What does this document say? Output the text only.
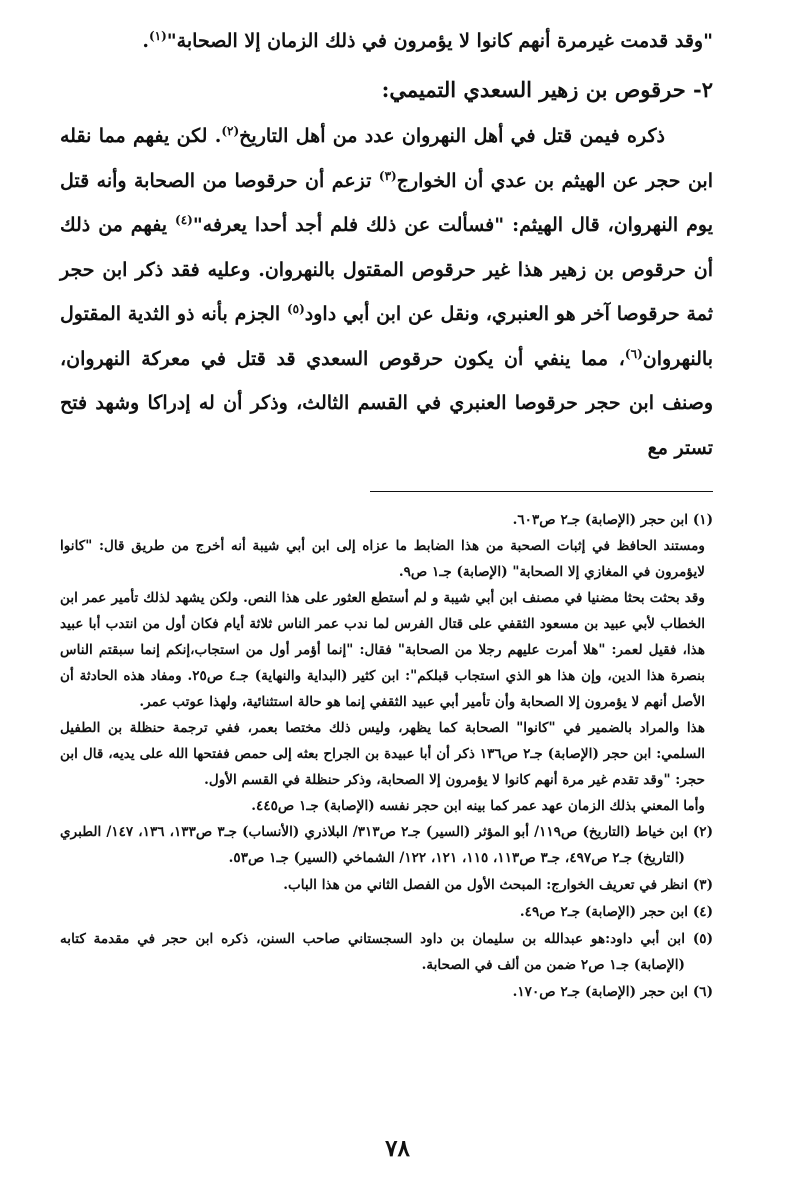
"وقد قدمت غيرمرة أنهم كانوا لا يؤمرون في ذلك الزمان إلا الصحابة"$^{(١)}$.

٢- حرقوص بن زهير السعدي التميمي:

ذكره فيمن قتل في أهل النهروان عدد من أهل التاريخ$^{(٢)}$. لكن يفهم مما نقله ابن حجر عن الهيثم بن عدي أن الخوارج$^{(٣)}$ تزعم أن حرقوصا من الصحابة وأنه قتل يوم النهروان، قال الهيثم: "فسألت عن ذلك فلم أجد أحدا يعرفه"$^{(٤)}$ يفهم من ذلك أن حرقوص بن زهير هذا غير حرقوص المقتول بالنهروان. وعليه فقد ذكر ابن حجر ثمة حرقوصا آخر هو العنبري، ونقل عن ابن أبي داود$^{(٥)}$ الجزم بأنه ذو الثدية المقتول بالنهروان$^{(٦)}$، مما ينفي أن يكون حرقوص السعدي قد قتل في معركة النهروان، وصنف ابن حجر حرقوصا العنبري في القسم الثالث، وذكر أن له إدراكا وشهد فتح تستر مع

(١) ابن حجر (الإصابة) جـ٢ ص٦٠٣.

ومستند الحافظ في إثبات الصحبة من هذا الضابط ما عزاه إلى ابن أبي شيبة أنه أخرج من طريق قال: "كانوا لايؤمرون في المغازي إلا الصحابة" (الإصابة) جـ١ ص٩.

وقد بحثت بحثا مضنيا في مصنف ابن أبي شيبة و لم أستطع العثور على هذا النص. ولكن يشهد لذلك تأمير عمر ابن الخطاب لأبي عبيد بن مسعود الثقفي على قتال الفرس لما ندب عمر الناس ثلاثة أيام فكان أول من انتدب أبا عبيد هذا، فقيل لعمر: "هلا أمرت عليهم رجلا من الصحابة" فقال: "إنما أؤمر أول من استجاب،إنكم إنما سبقتم الناس بنصرة هذا الدين، وإن هذا هو الذي استجاب قبلكم": ابن كثير (البداية والنهاية) جـ٤ ص٢٥. ومفاد هذه الحادثة أن الأصل أنهم لا يؤمرون إلا الصحابة وأن تأمير أبي عبيد الثقفي إنما هو حالة استثنائية، ولهذا عوتب عمر.

هذا والمراد بالضمير في "كانوا" الصحابة كما يظهر، وليس ذلك مختصا بعمر، ففي ترجمة حنظلة بن الطفيل السلمي: ابن حجر (الإصابة) جـ٢ ص١٣٦ ذكر أن أبا عبيدة بن الجراح بعثه إلى حمص ففتحها الله على يديه، قال ابن حجر: "وقد تقدم غير مرة أنهم كانوا لا يؤمرون إلا الصحابة، وذكر حنظلة في القسم الأول.

وأما المعني بذلك الزمان عهد عمر كما بينه ابن حجر نفسه (الإصابة) جـ١ ص٤٤٥.

(٢) ابن خياط (التاريخ) ص١١٩/ أبو المؤثر (السير) جـ٢ ص٣١٣/ البلاذري (الأنساب) جـ٣ ص١٣٣، ١٣٦، ١٤٧/ الطبري (التاريخ) جـ٢ ص٤٩٧، جـ٣ ص١١٣، ١١٥، ١٢١، ١٢٢/ الشماخي (السير) جـ١ ص٥٣.

(٣) انظر في تعريف الخوارج: المبحث الأول من الفصل الثاني من هذا الباب.

(٤) ابن حجر (الإصابة) جـ٢ ص٤٩.

(٥) ابن أبي داود:هو عبدالله بن سليمان بن داود السجستاني صاحب السنن، ذكره ابن حجر في مقدمة كتابه (الإصابة) جـ١ ص٢ ضمن من ألف في الصحابة.

(٦) ابن حجر (الإصابة) جـ٢ ص١٧٠.

٧٨
